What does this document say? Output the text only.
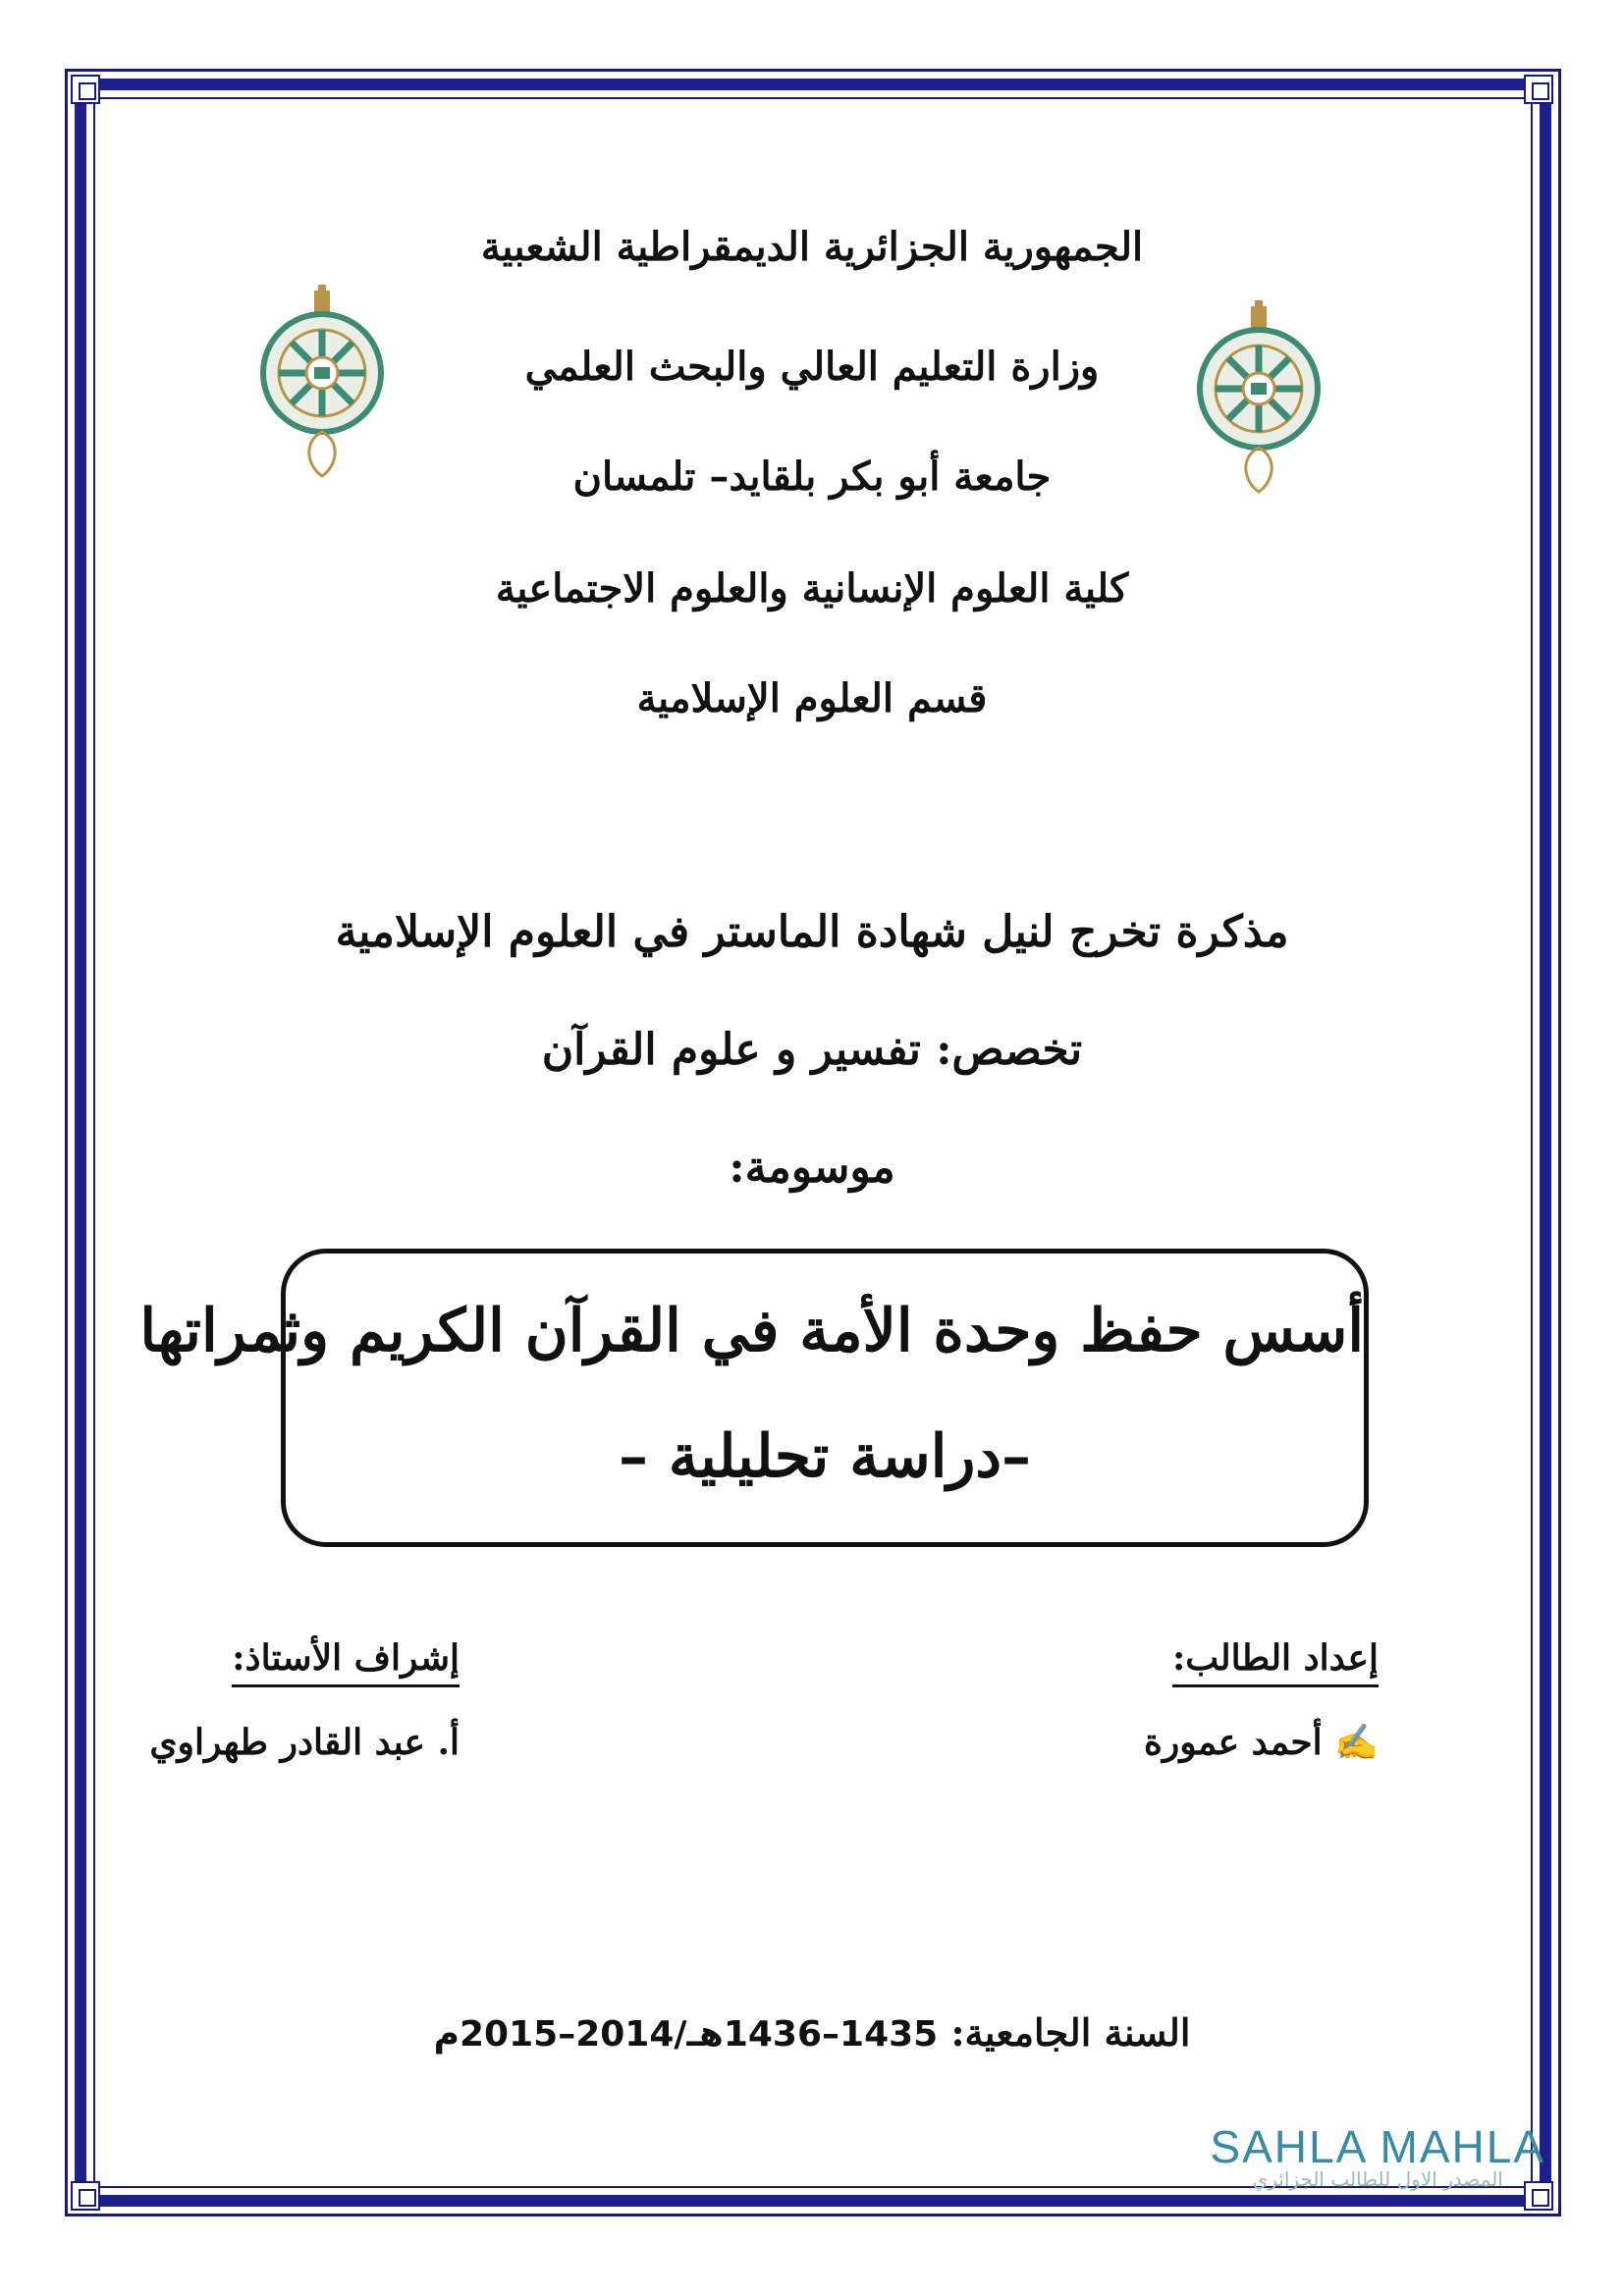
الجمهورية الجزائرية الديمقراطية الشعبية
وزارة التعليم العالي والبحث العلمي
جامعة أبو بكر بلقايد– تلمسان
كلية العلوم الإنسانية والعلوم الاجتماعية
قسم العلوم الإسلامية
مذكرة تخرج لنيل شهادة الماستر في العلوم الإسلامية
تخصص: تفسير و علوم القرآن
موسومة:
أسس حفظ وحدة الأمة في القرآن الكريم وثمراتها
–دراسة تحليلية –
إعداد الطالب:
✍ أحمد عمورة
إشراف الأستاذ:
أ. عبد القادر طهراوي
السنة الجامعية: 1435–1436هـ/2014–2015م
SAHLA MAHLA
المصدر الاول للطالب الجزائري
